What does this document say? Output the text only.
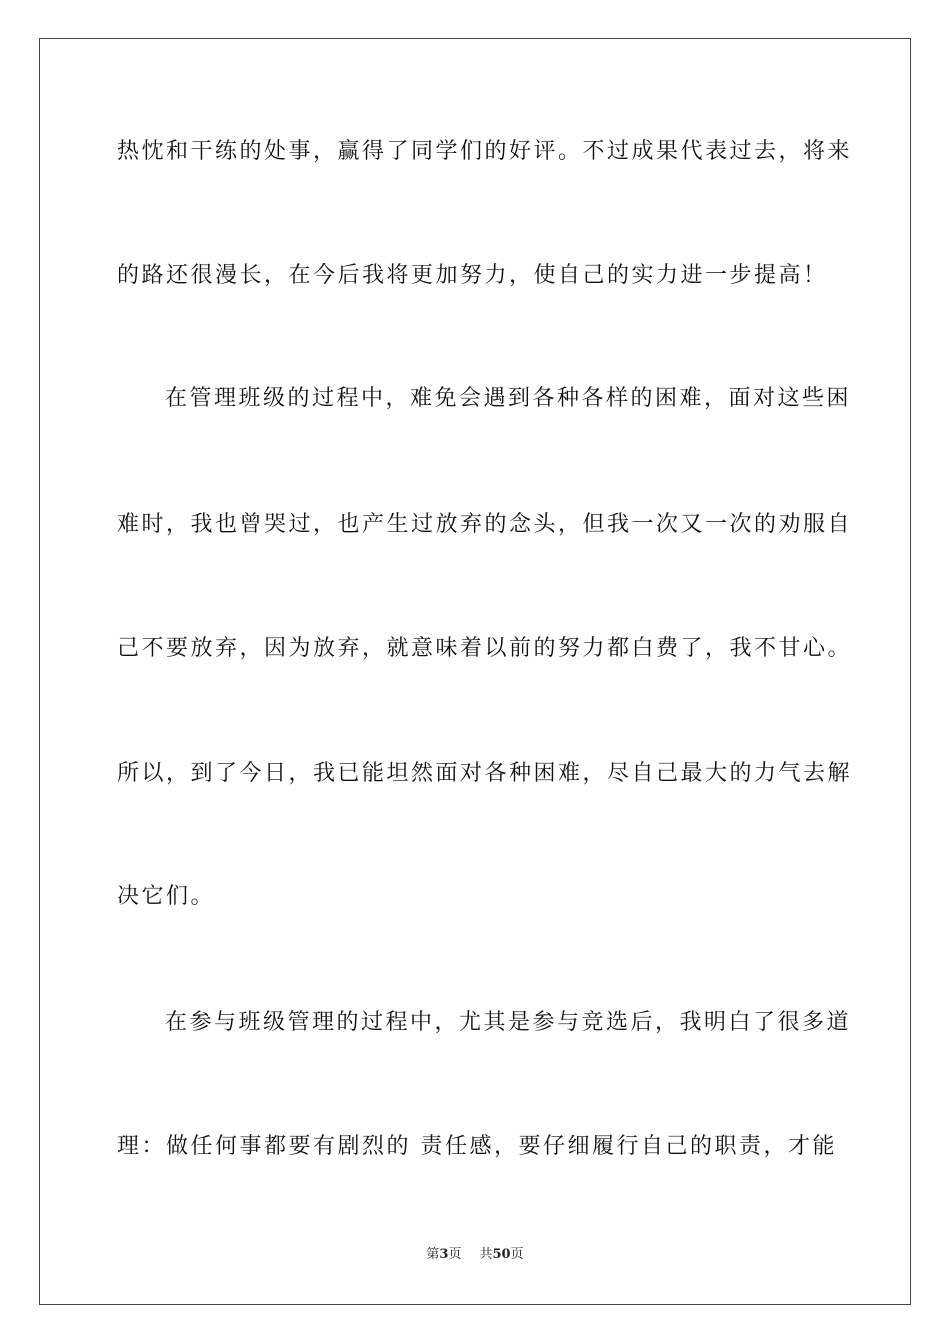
热忱和干练的处事，赢得了同学们的好评。不过成果代表过去，将来
的路还很漫长，在今后我将更加努力，使自己的实力进一步提高！
在管理班级的过程中，难免会遇到各种各样的困难，面对这些困
难时，我也曾哭过，也产生过放弃的念头，但我一次又一次的劝服自
己不要放弃，因为放弃，就意味着以前的努力都白费了，我不甘心。
所以，到了今日，我已能坦然面对各种困难，尽自己最大的力气去解
决它们。
在参与班级管理的过程中，尤其是参与竞选后，我明白了很多道
理：做任何事都要有剧烈的 责任感，要仔细履行自己的职责，才能
第3页 共50页
